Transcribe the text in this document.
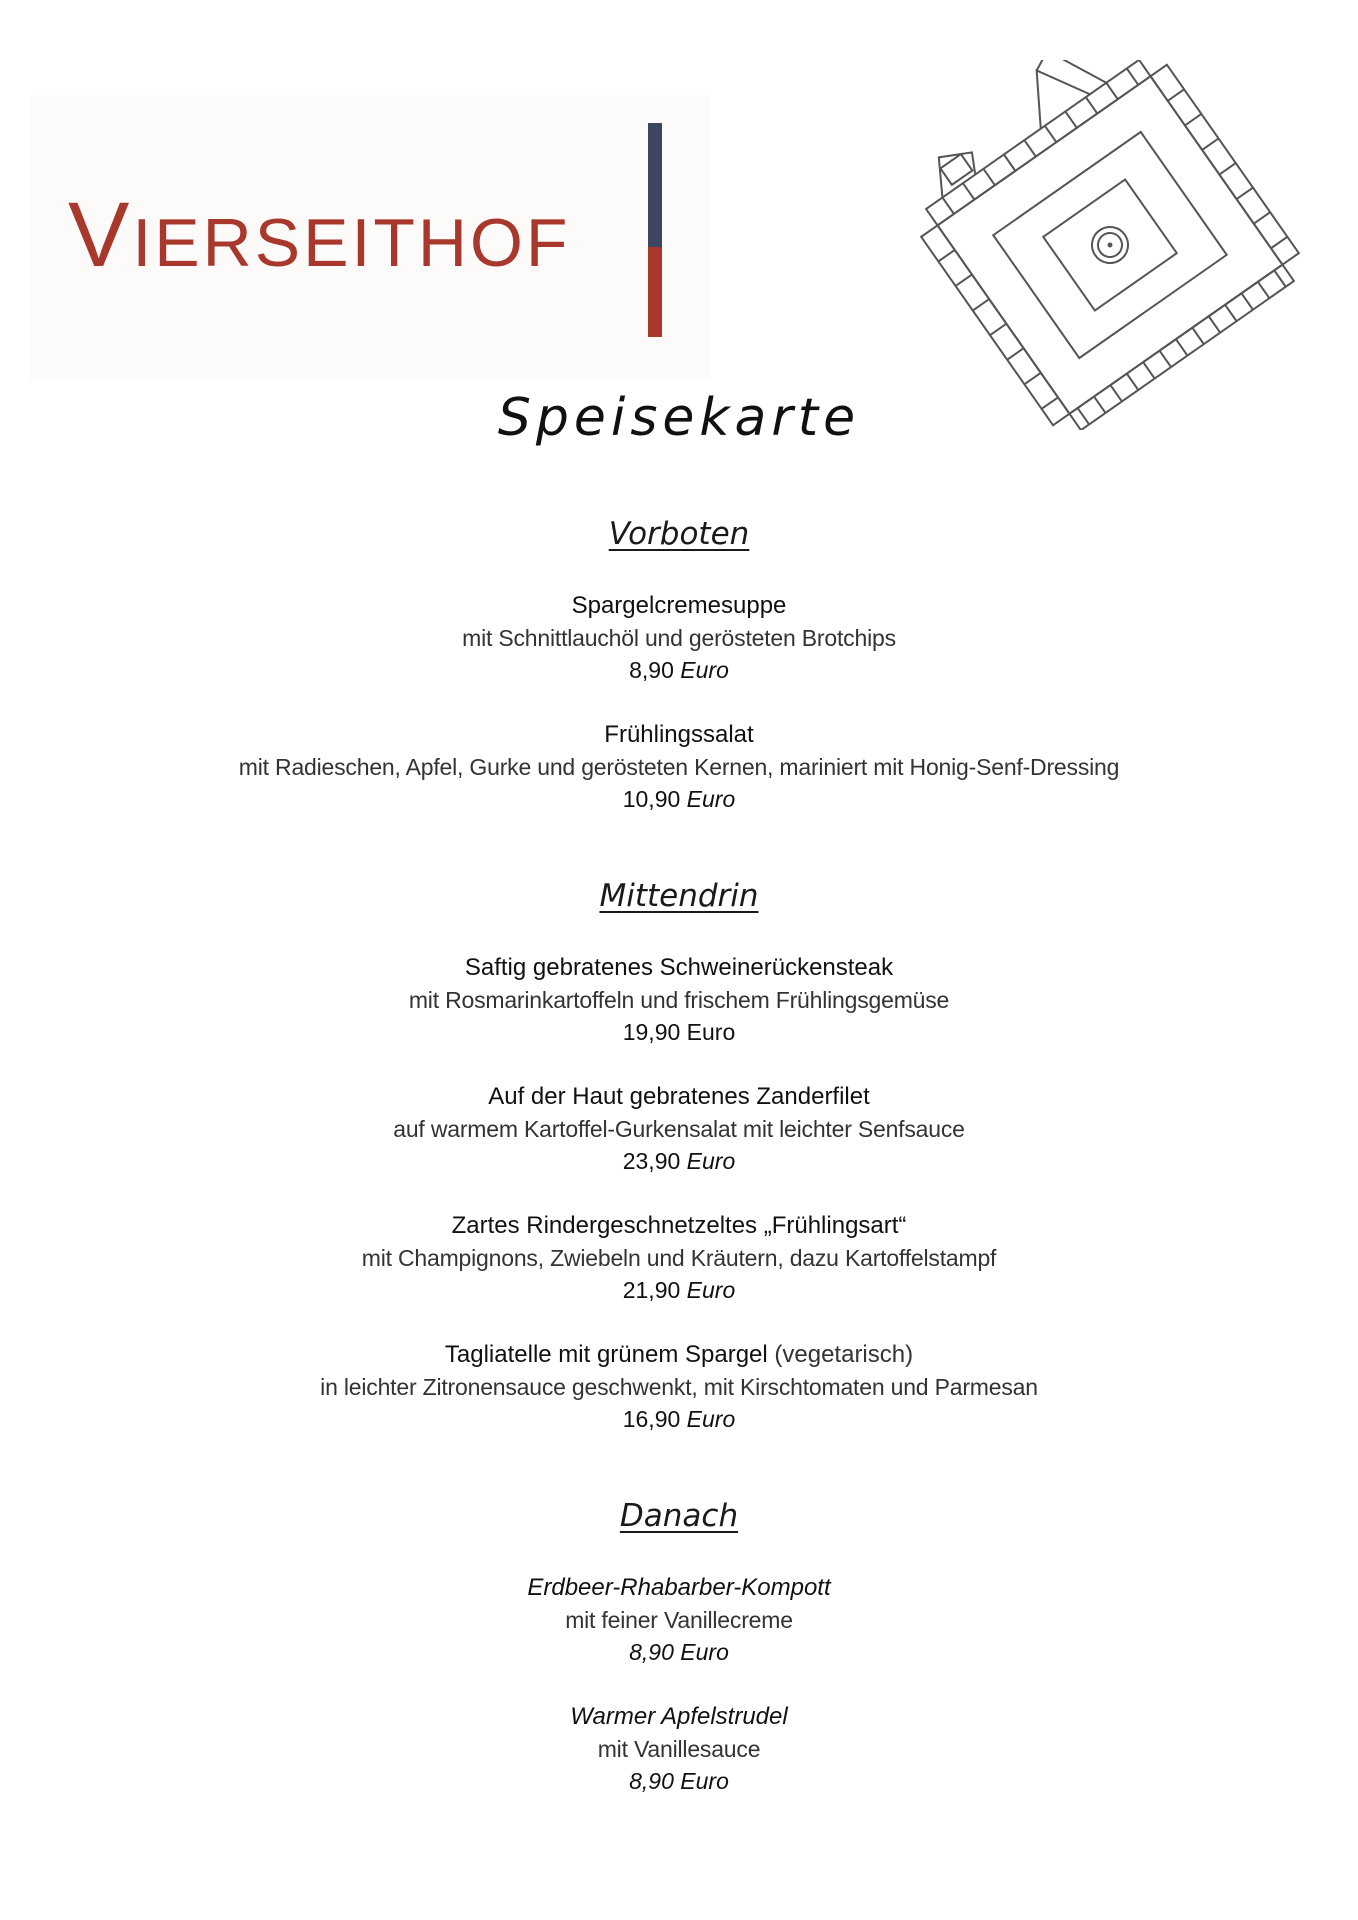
VIERSEITHOF
Speisekarte
Vorboten
Spargelcremesuppe
mit Schnittlauchöl und gerösteten Brotchips
8,90 Euro
Frühlingssalat
mit Radieschen, Apfel, Gurke und gerösteten Kernen, mariniert mit Honig-Senf-Dressing
10,90 Euro
Mittendrin
Saftig gebratenes Schweinerückensteak
mit Rosmarinkartoffeln und frischem Frühlingsgemüse
19,90 Euro
Auf der Haut gebratenes Zanderfilet
auf warmem Kartoffel-Gurkensalat mit leichter Senfsauce
23,90 Euro
Zartes Rindergeschnetzeltes „Frühlingsart“
mit Champignons, Zwiebeln und Kräutern, dazu Kartoffelstampf
21,90 Euro
Tagliatelle mit grünem Spargel (vegetarisch)
in leichter Zitronensauce geschwenkt, mit Kirschtomaten und Parmesan
16,90 Euro
Danach
Erdbeer-Rhabarber-Kompott
mit feiner Vanillecreme
8,90 Euro
Warmer Apfelstrudel
mit Vanillesauce
8,90 Euro
